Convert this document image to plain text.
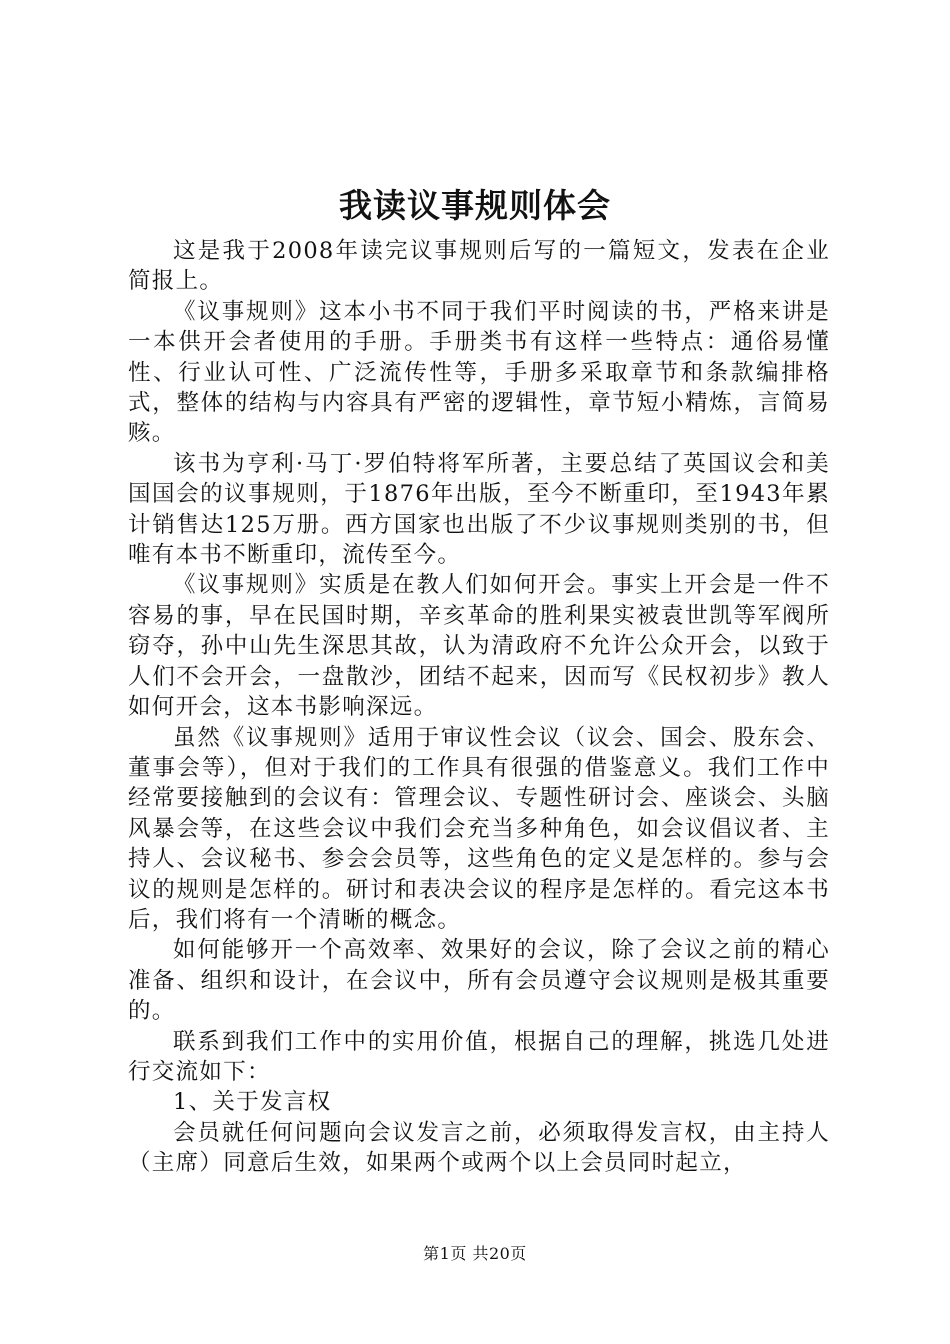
我读议事规则体会

这是我于2008年读完议事规则后写的一篇短文，发表在企业简报上。

《议事规则》这本小书不同于我们平时阅读的书，严格来讲是一本供开会者使用的手册。手册类书有这样一些特点：通俗易懂性、行业认可性、广泛流传性等，手册多采取章节和条款编排格式，整体的结构与内容具有严密的逻辑性，章节短小精炼，言简易赅。

该书为亨利·马丁·罗伯特将军所著，主要总结了英国议会和美国国会的议事规则，于1876年出版，至今不断重印，至1943年累计销售达125万册。西方国家也出版了不少议事规则类别的书，但唯有本书不断重印，流传至今。

《议事规则》实质是在教人们如何开会。事实上开会是一件不容易的事，早在民国时期，辛亥革命的胜利果实被袁世凯等军阀所窃夺，孙中山先生深思其故，认为清政府不允许公众开会，以致于人们不会开会，一盘散沙，团结不起来，因而写《民权初步》教人如何开会，这本书影响深远。

虽然《议事规则》适用于审议性会议（议会、国会、股东会、董事会等），但对于我们的工作具有很强的借鉴意义。我们工作中经常要接触到的会议有：管理会议、专题性研讨会、座谈会、头脑风暴会等，在这些会议中我们会充当多种角色，如会议倡议者、主持人、会议秘书、参会会员等，这些角色的定义是怎样的。参与会议的规则是怎样的。研讨和表决会议的程序是怎样的。看完这本书后，我们将有一个清晰的概念。

如何能够开一个高效率、效果好的会议，除了会议之前的精心准备、组织和设计，在会议中，所有会员遵守会议规则是极其重要的。

联系到我们工作中的实用价值，根据自己的理解，挑选几处进行交流如下：

1、关于发言权

会员就任何问题向会议发言之前，必须取得发言权，由主持人（主席）同意后生效，如果两个或两个以上会员同时起立，

第1页 共20页
